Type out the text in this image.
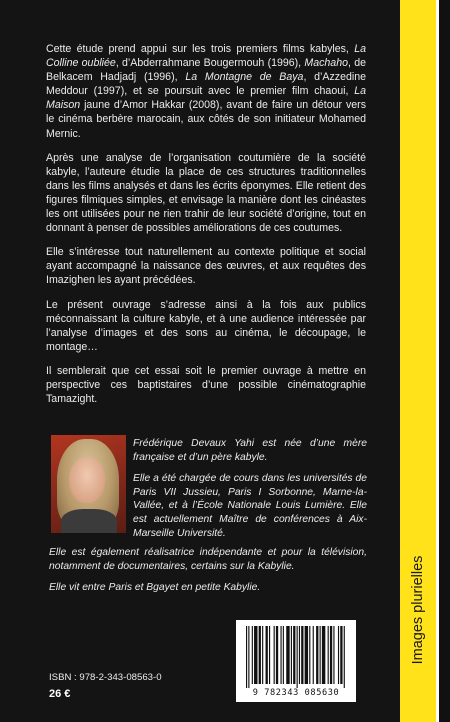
Cette étude prend appui sur les trois premiers films kabyles, La Colline oubliée, d’Abderrahmane Bougermouh (1996), Machaho, de Belkacem Hadjadj (1996), La Montagne de Baya, d’Azzedine Meddour (1997), et se poursuit avec le premier film chaoui, La Maison jaune d’Amor Hakkar (2008), avant de faire un détour vers le cinéma berbère marocain, aux côtés de son initiateur Mohamed Mernic.

Après une analyse de l’organisation coutumière de la société kabyle, l’auteure étudie la place de ces structures traditionnelles dans les films analysés et dans les écrits éponymes. Elle retient des figures filmiques simples, et envisage la manière dont les cinéastes les ont utilisées pour ne rien trahir de leur société d’origine, tout en donnant à penser de possibles améliorations de ces coutumes.

Elle s’intéresse tout naturellement au contexte politique et social ayant accompagné la naissance des œuvres, et aux requêtes des Imazighen les ayant précédées.

Le présent ouvrage s’adresse ainsi à la fois aux publics méconnaissant la culture kabyle, et à une audience intéressée par l’analyse d’images et des sons au cinéma, le découpage, le montage…

Il semblerait que cet essai soit le premier ouvrage à mettre en perspective ces baptistaires d’une possible cinématographie Tamazight.

Frédérique Devaux Yahi est née d’une mère française et d’un père kabyle.

Elle a été chargée de cours dans les universités de Paris VII Jussieu, Paris I Sorbonne, Marne-la-Vallée, et à l’École Nationale Louis Lumière. Elle est actuellement Maître de conférences à Aix-Marseille Université.

Elle est également réalisatrice indépendante et pour la télévision, notamment de documentaires, certains sur la Kabylie.

Elle vit entre Paris et Bgayet en petite Kabylie.

ISBN : 978-2-343-08563-0
26 €	9 782343 085630
Images plurielles
